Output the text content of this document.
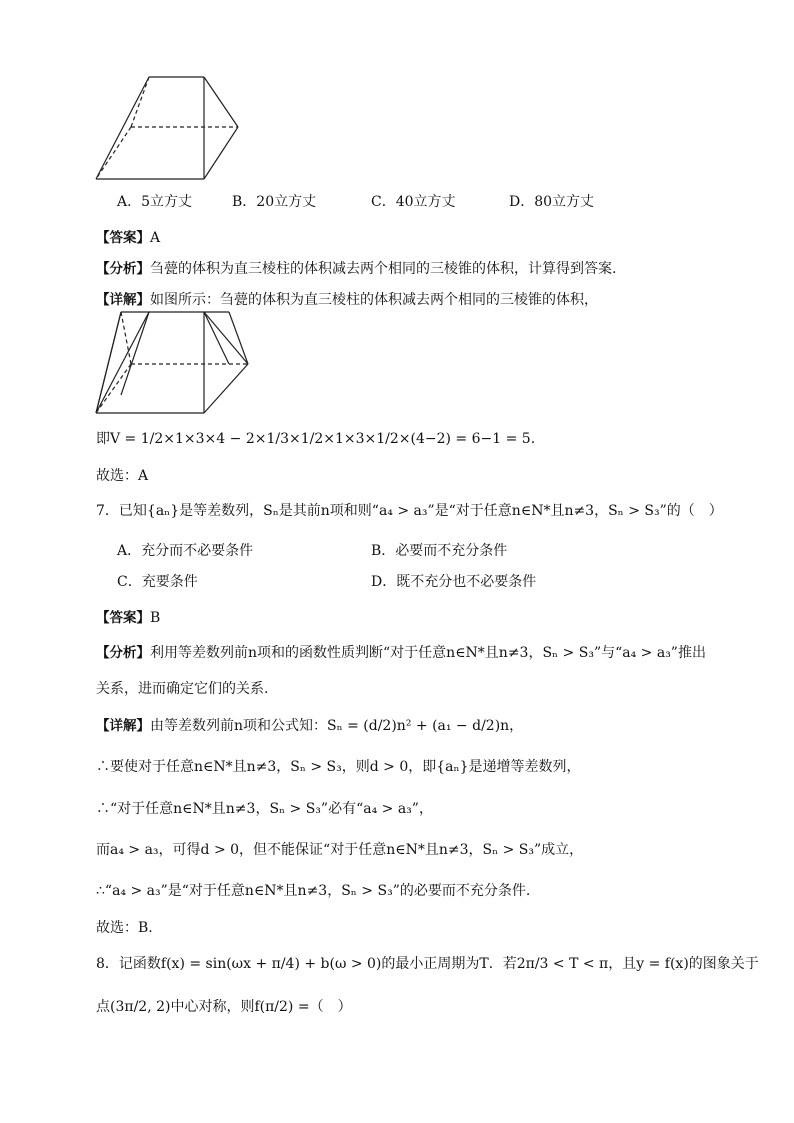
A．5立方丈	B．20立方丈	C．40立方丈	D．80立方丈
【答案】A
【分析】刍甍的体积为直三棱柱的体积减去两个相同的三棱锥的体积，计算得到答案.
【详解】如图所示：刍甍的体积为直三棱柱的体积减去两个相同的三棱锥的体积，
即V = 1/2×1×3×4 − 2×1/3×1/2×1×3×1/2×(4−2) = 6−1 = 5.
故选：A
7．已知{aₙ}是等差数列，Sₙ是其前n项和则“a₄ > a₃”是“对于任意n∈N*且n≠3，Sₙ > S₃”的（　）
A．充分而不必要条件	B．必要而不充分条件
C．充要条件	D．既不充分也不必要条件
【答案】B
【分析】利用等差数列前n项和的函数性质判断“对于任意n∈N*且n≠3，Sₙ > S₃”与“a₄ > a₃”推出
关系，进而确定它们的关系.
【详解】由等差数列前n项和公式知：Sₙ = (d/2)n² + (a₁ − d/2)n，
∴要使对于任意n∈N*且n≠3，Sₙ > S₃，则d > 0，即{aₙ}是递增等差数列，
∴“对于任意n∈N*且n≠3，Sₙ > S₃”必有“a₄ > a₃”，
而a₄ > a₃，可得d > 0，但不能保证“对于任意n∈N*且n≠3，Sₙ > S₃”成立，
∴“a₄ > a₃”是“对于任意n∈N*且n≠3，Sₙ > S₃”的必要而不充分条件.
故选：B.
8．记函数f(x) = sin(ωx + π/4) + b(ω > 0)的最小正周期为T．若2π/3 < T < π，且y = f(x)的图象关于
点(3π/2, 2)中心对称，则f(π/2) =（　）
